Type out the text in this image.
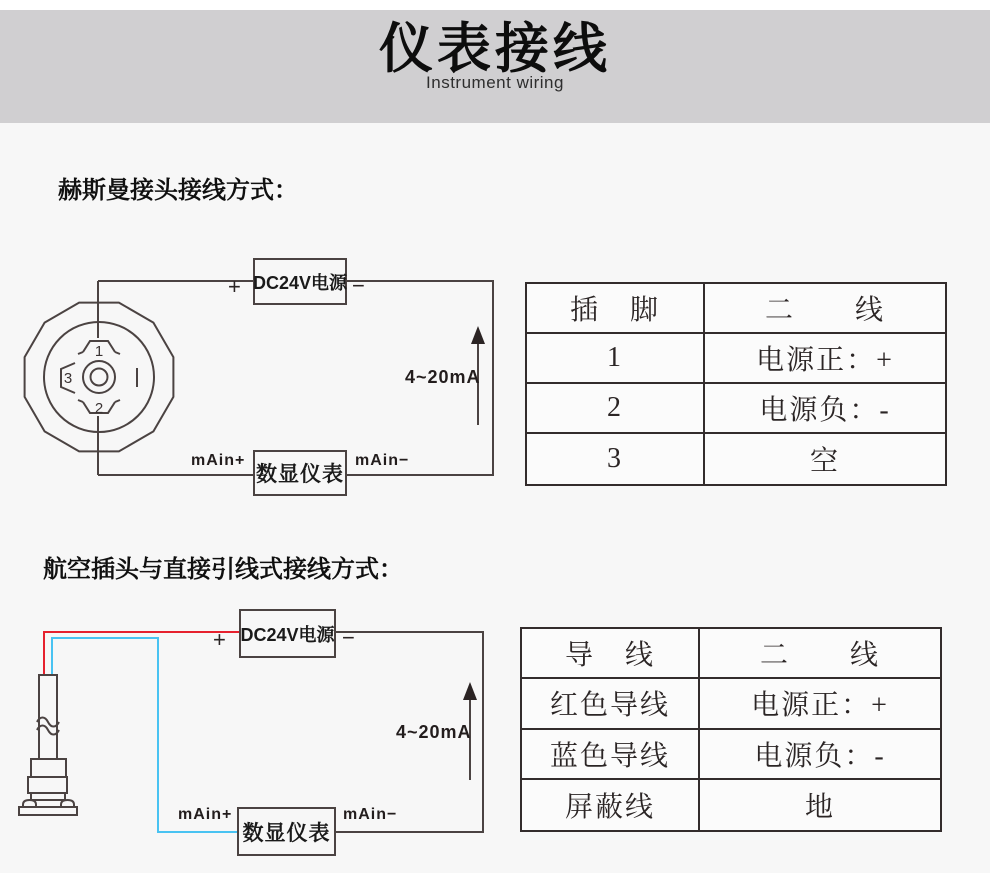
仪表接线
Instrument wiring
赫斯曼接头接线方式：
1
2
3
+	−
DC24V电源
4~20mA
mAin+	mAin−
数显仪表
插　脚	二　　线
1	电源正：+
2	电源负：-
3	空
航空插头与直接引线式接线方式：
+	−
DC24V电源
4~20mA
mAin+	mAin−
数显仪表
导　线	二　　线
红色导线	电源正：+
蓝色导线	电源负：-
屏蔽线	地
